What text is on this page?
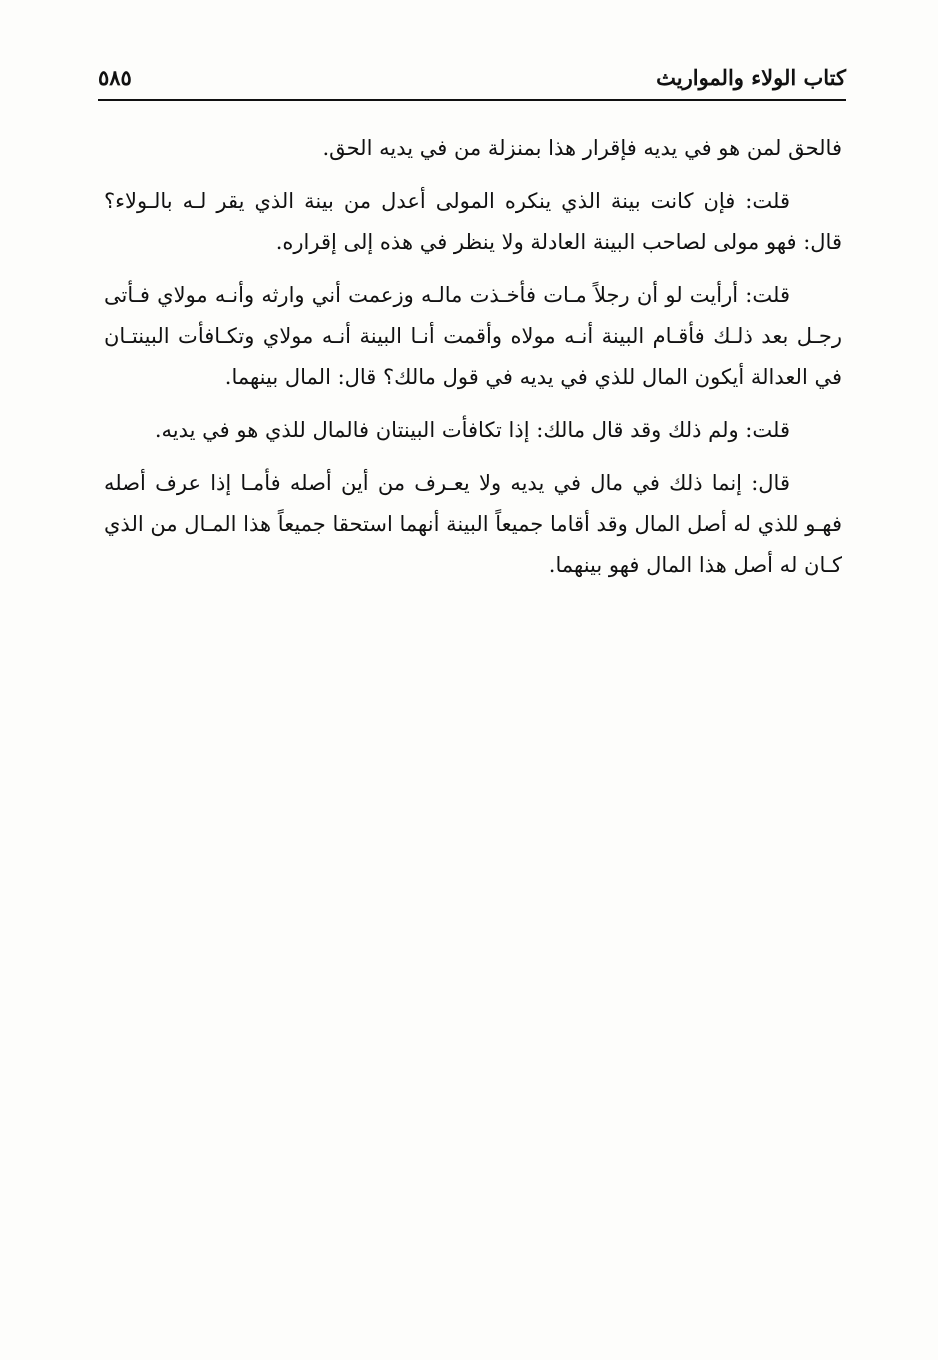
كتاب الولاء والمواريث
٥٨٥

فالحق لمن هو في يديه فإقرار هذا بمنزلة من في يديه الحق.

قلت: فإن كانت بينة الذي ينكره المولى أعدل من بينة الذي يقر لـه بالـولاء؟ قال: فهو مولى لصاحب البينة العادلة ولا ينظر في هذه إلى إقراره.

قلت: أرأيت لو أن رجلاً مـات فأخـذت مالـه وزعمت أني وارثه وأنـه مولاي فـأتى رجـل بعد ذلـك فأقـام البينة أنـه مولاه وأقمت أنـا البينة أنـه مولاي وتكـافأت البينتـان في العدالة أيكون المال للذي في يديه في قول مالك؟ قال: المال بينهما.

قلت: ولم ذلك وقد قال مالك: إذا تكافأت البينتان فالمال للذي هو في يديه.

قال: إنما ذلك في مال في يديه ولا يعـرف من أين أصله فأمـا إذا عرف أصله فهـو للذي له أصل المال وقد أقاما جميعاً البينة أنهما استحقا جميعاً هذا المـال من الذي كـان له أصل هذا المال فهو بينهما.
